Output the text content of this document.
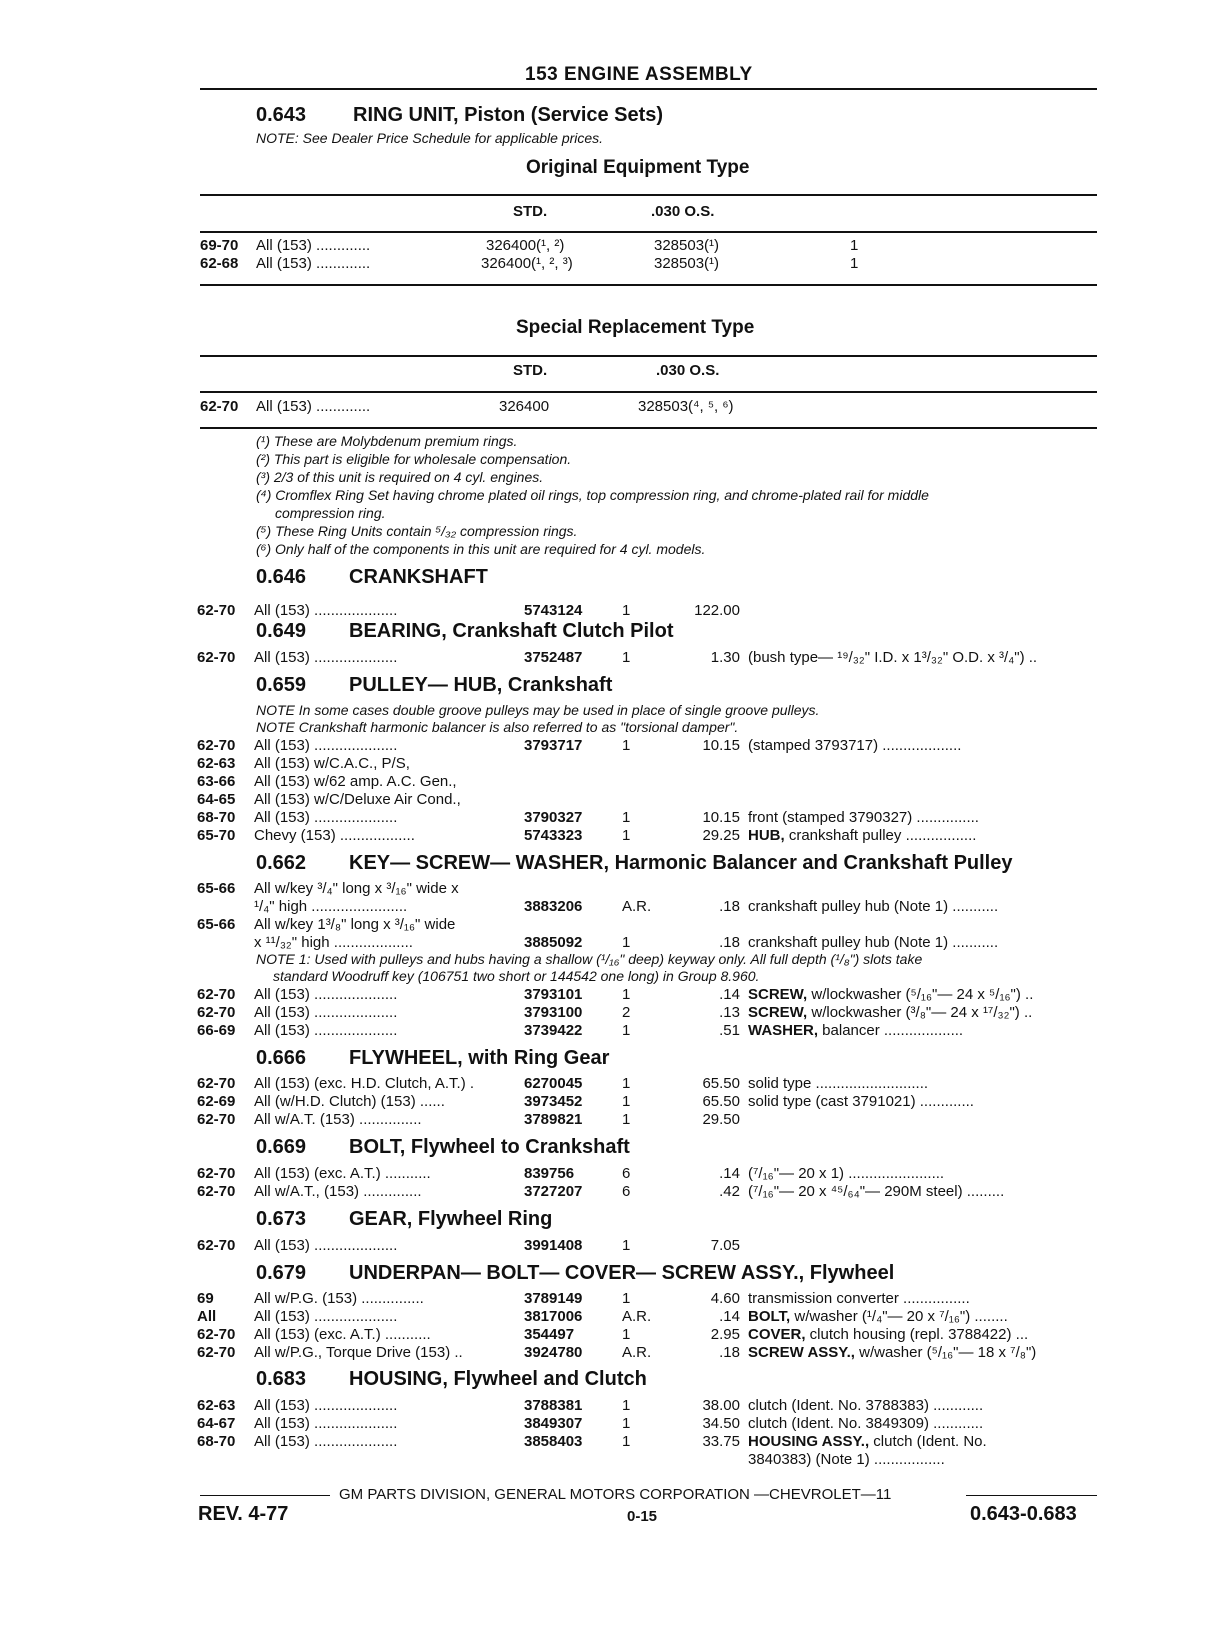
153 ENGINE ASSEMBLY
0.643 RING UNIT, Piston (Service Sets)
NOTE: See Dealer Price Schedule for applicable prices.
Original Equipment Type
STD.	.030 O.S.
69-70 All (153) .............	326400(¹, ²)	328503(¹)	1
62-68 All (153) .............	326400(¹, ², ³)	328503(¹)	1
Special Replacement Type
STD.	.030 O.S.
62-70 All (153) .............	326400	328503(⁴, ⁵, ⁶)
(¹) These are Molybdenum premium rings.
(²) This part is eligible for wholesale compensation.
(³) 2/3 of this unit is required on 4 cyl. engines.
(⁴) Cromflex Ring Set having chrome plated oil rings, top compression ring, and chrome-plated rail for middle
compression ring.
(⁵) These Ring Units contain ⁵/₃₂ compression rings.
(⁶) Only half of the components in this unit are required for 4 cyl. models.
0.646 CRANKSHAFT
62-70 All (153) ....................	5743124	1	122.00
0.649 BEARING, Crankshaft Clutch Pilot
62-70 All (153) ....................	3752487	1	1.30 (bush type— ¹⁹/₃₂" I.D. x 1³/₃₂" O.D. x ³/₄") ..
0.659 PULLEY— HUB, Crankshaft
62-70 All (153) ....................	3793717	1	10.15 (stamped 3793717) ...................
62-63 All (153) w/C.A.C., P/S,
63-66 All (153) w/62 amp. A.C. Gen.,
64-65 All (153) w/C/Deluxe Air Cond.,
68-70 All (153) ....................	3790327	1	10.15 front (stamped 3790327) ...............
65-70 Chevy (153) ..................	5743323	1	29.25 HUB, crankshaft pulley .................
NOTE In some cases double groove pulleys may be used in place of single groove pulleys.
NOTE Crankshaft harmonic balancer is also referred to as "torsional damper".
0.662 KEY— SCREW— WASHER, Harmonic Balancer and Crankshaft Pulley
65-66 All w/key ³/₄" long x ³/₁₆" wide x
¹/₄" high .......................	3883206	A.R.	.18 crankshaft pulley hub (Note 1) ...........
65-66 All w/key 1³/₈" long x ³/₁₆" wide
x ¹¹/₃₂" high ...................	3885092	1	.18 crankshaft pulley hub (Note 1) ...........
NOTE 1: Used with pulleys and hubs having a shallow (¹/₁₆" deep) keyway only. All full depth (¹/₈") slots take
standard Woodruff key (106751 two short or 144542 one long) in Group 8.960.
62-70 All (153) ....................	3793101	1	.14 SCREW, w/lockwasher (⁵/₁₆"— 24 x ⁵/₁₆") ..
62-70 All (153) ....................	3793100	2	.13 SCREW, w/lockwasher (³/₈"— 24 x ¹⁷/₃₂") ..
66-69 All (153) ....................	3739422	1	.51 WASHER, balancer ...................
0.666 FLYWHEEL, with Ring Gear
62-70 All (153) (exc. H.D. Clutch, A.T.) .	6270045	1	65.50 solid type ...........................
62-69 All (w/H.D. Clutch) (153) ......	3973452	1	65.50 solid type (cast 3791021) .............
62-70 All w/A.T. (153) ...............	3789821	1	29.50
0.669 BOLT, Flywheel to Crankshaft
62-70 All (153) (exc. A.T.) ...........	839756	6	.14 (⁷/₁₆"— 20 x 1) .......................
62-70 All w/A.T., (153) ..............	3727207	6	.42 (⁷/₁₆"— 20 x ⁴⁵/₆₄"— 290M steel) .........
0.673 GEAR, Flywheel Ring
62-70 All (153) ....................	3991408	1	7.05
0.679 UNDERPAN— BOLT— COVER— SCREW ASSY., Flywheel
69	All w/P.G. (153) ...............	3789149	1	4.60 transmission converter ................
All	All (153) ....................	3817006	A.R.	.14 BOLT, w/washer (¹/₄"— 20 x ⁷/₁₆") ........
62-70 All (153) (exc. A.T.) ...........	354497	1	2.95 COVER, clutch housing (repl. 3788422) ...
62-70 All w/P.G., Torque Drive (153) ..	3924780	A.R.	.18 SCREW ASSY., w/washer (⁵/₁₆"— 18 x ⁷/₈")
0.683 HOUSING, Flywheel and Clutch
62-63 All (153) ....................	3788381	1	38.00 clutch (Ident. No. 3788383) ............
64-67 All (153) ....................	3849307	1	34.50 clutch (Ident. No. 3849309) ............
68-70 All (153) ....................	3858403	1	33.75 HOUSING ASSY., clutch (Ident. No.
3840383) (Note 1) .................
GM PARTS DIVISION, GENERAL MOTORS CORPORATION —CHEVROLET—11
REV. 4-77	0-15	0.643-0.683
